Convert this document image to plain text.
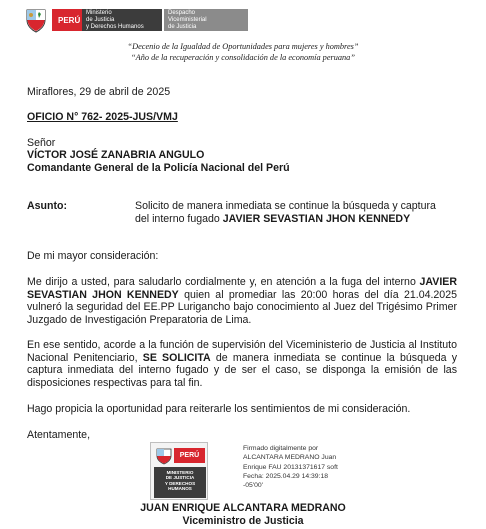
PERÚ
Ministerio
de Justicia
y Derechos Humanos
Despacho
Viceministerial
de Justicia
“Decenio de la Igualdad de Oportunidades para mujeres y hombres”
“Año de la recuperación y consolidación de la economía peruana”
Miraflores, 29 de abril de 2025
OFICIO N° 762- 2025-JUS/VMJ
Señor
VÍCTOR JOSÉ ZANABRIA ANGULO
Comandante General de la Policía Nacional del Perú
Asunto:	Solicito de manera inmediata se continue la búsqueda y captura
del interno fugado JAVIER SEVASTIAN JHON KENNEDY
De mi mayor consideración:
Me dirijo a usted, para saludarlo cordialmente y, en atención a la fuga del interno JAVIER SEVASTIAN JHON KENNEDY quien al promediar las 20:00 horas del día 21.04.2025 vulneró la seguridad del EE.PP Lurigancho bajo conocimiento al Juez del Trigésimo Primer Juzgado de Investigación Preparatoria de Lima.
En ese sentido, acorde a la función de supervisión del Viceministerio de Justicia al Instituto Nacional Penitenciario, SE SOLICITA de manera inmediata se continue la búsqueda y captura inmediata del interno fugado y de ser el caso, se disponga la emisión de las disposiciones respectivas para tal fin.
Hago propicia la oportunidad para reiterarle los sentimientos de mi consideración.
Atentamente,
PERÚ
MINISTERIO
DE JUSTICIA
Y DERECHOS
HUMANOS
Firmado digitalmente por
ALCANTARA MEDRANO Juan
Enrique FAU 20131371617 soft
Fecha: 2025.04.29 14:39:18
-05'00'
JUAN ENRIQUE ALCANTARA MEDRANO
Viceministro de Justicia
